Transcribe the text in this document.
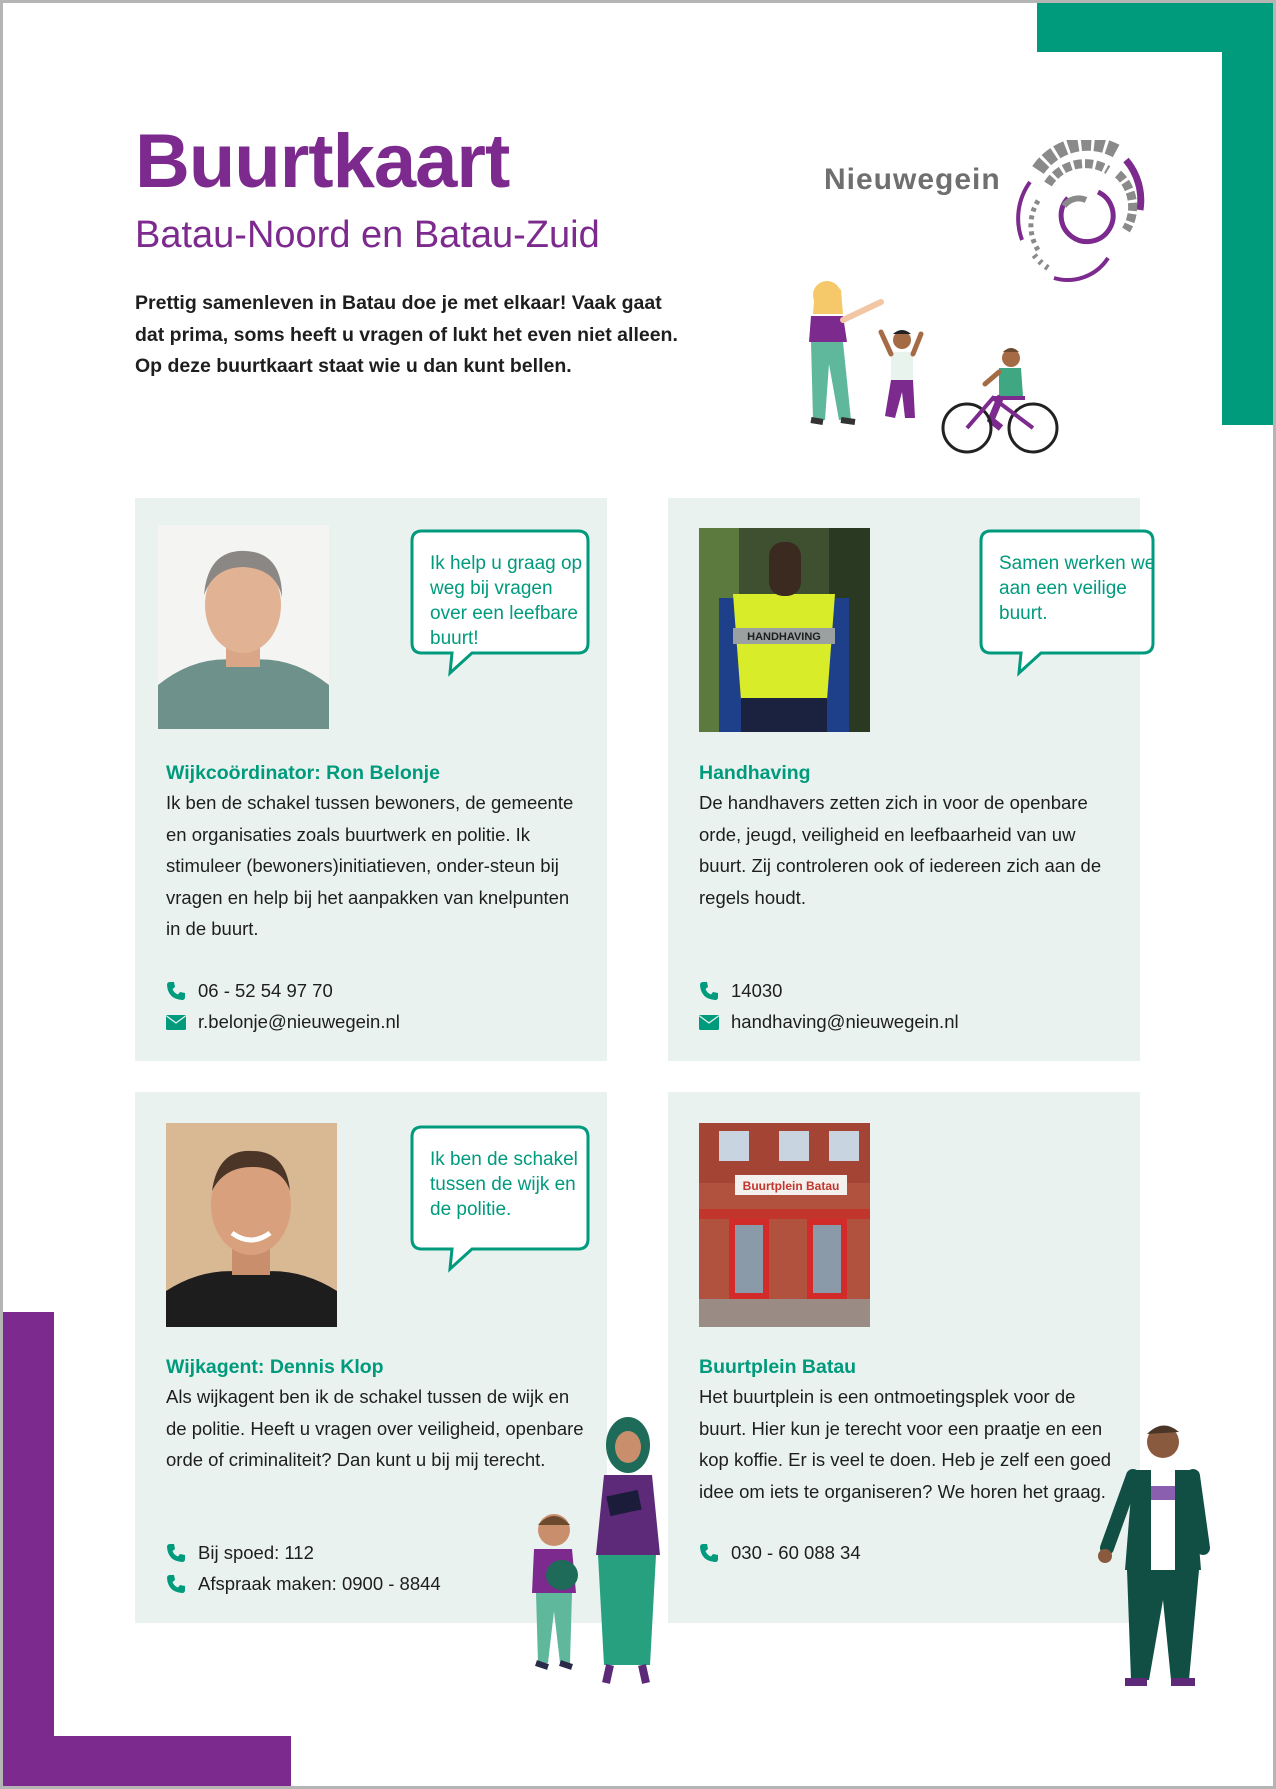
Buurtkaart
Batau-Noord en Batau-Zuid
Prettig samenleven in Batau doe je met elkaar! Vaak gaat dat prima, soms heeft u vragen of lukt het even niet alleen. Op deze buurtkaart staat wie u dan kunt bellen.
Nieuwegein
Ik help u graag op weg bij vragen over een leefbare buurt!
Wijkcoördinator: Ron Belonje
Ik ben de schakel tussen bewoners, de gemeente en organisaties zoals buurtwerk en politie. Ik stimuleer (bewoners)initiatieven, onder-steun bij vragen en help bij het aanpakken van knelpunten in de buurt.
06 - 52 54 97 70
r.belonje@nieuwegein.nl
HANDHAVING
Samen werken we aan een veilige buurt.
Handhaving
De handhavers zetten zich in voor de openbare orde, jeugd, veiligheid en leefbaarheid van uw buurt. Zij controleren ook of iedereen zich aan de regels houdt.
14030
handhaving@nieuwegein.nl
Ik ben de schakel tussen de wijk en de politie.
Wijkagent: Dennis Klop
Als wijkagent ben ik de schakel tussen de wijk en de politie. Heeft u vragen over veiligheid, openbare orde of criminaliteit? Dan kunt u bij mij terecht.
Bij spoed: 112
Afspraak maken: 0900 - 8844
Buurtplein Batau
Buurtplein Batau
Het buurtplein is een ontmoetingsplek voor de buurt. Hier kun je terecht voor een praatje en een kop koffie. Er is veel te doen. Heb je zelf een goed idee om iets te organiseren? We horen het graag.
030 - 60 088 34
